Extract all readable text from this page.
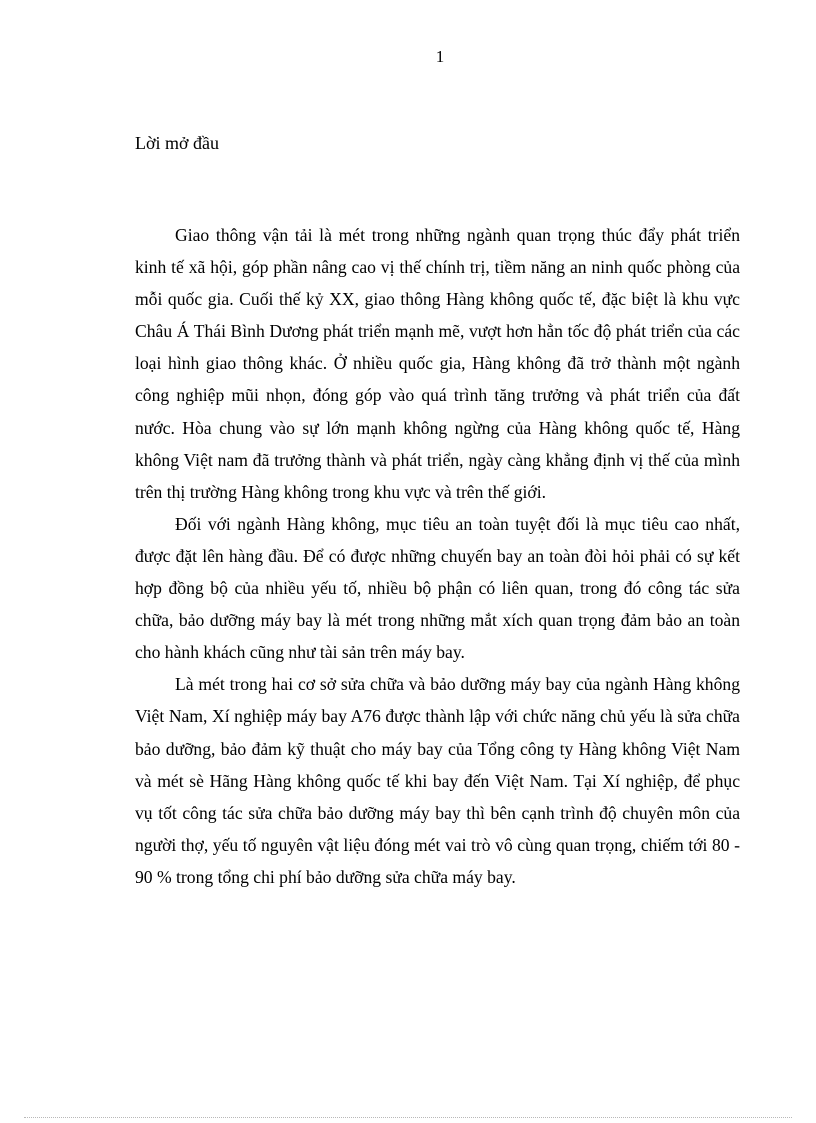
1
Lời mở đầu

Giao thông vận tải là mét trong những ngành quan trọng thúc đẩy phát triển kinh tế xã hội, góp phần nâng cao vị thế chính trị, tiềm năng an ninh quốc phòng của mỗi quốc gia. Cuối thế kỷ XX, giao thông Hàng không quốc tế, đặc biệt là khu vực Châu Á Thái Bình Dương phát triển mạnh mẽ, vượt hơn hẳn tốc độ phát triển của các loại hình giao thông khác. Ở nhiều quốc gia, Hàng không đã trở thành một ngành công nghiệp mũi nhọn, đóng góp vào quá trình tăng trưởng và phát triển của đất nước. Hòa chung vào sự lớn mạnh không ngừng của Hàng không quốc tế, Hàng không Việt nam đã trưởng thành và phát triển, ngày càng khẳng định vị thế của mình trên thị trường Hàng không trong khu vực và trên thế giới.

Đối với ngành Hàng không, mục tiêu an toàn tuyệt đối là mục tiêu cao nhất, được đặt lên hàng đầu. Để có được những chuyến bay an toàn đòi hỏi phải có sự kết hợp đồng bộ của nhiều yếu tố, nhiều bộ phận có liên quan, trong đó công tác sửa chữa, bảo dưỡng máy bay là mét trong những mắt xích quan trọng đảm bảo an toàn cho hành khách cũng như tài sản trên máy bay.

Là mét trong hai cơ sở sửa chữa và bảo dưỡng máy bay của ngành Hàng không Việt Nam, Xí nghiệp máy bay A76 được thành lập với chức năng chủ yếu là sửa chữa bảo dưỡng, bảo đảm kỹ thuật cho máy bay của Tổng công ty Hàng không Việt Nam và mét sè Hãng Hàng không quốc tế khi bay đến Việt Nam. Tại Xí nghiệp, để phục vụ tốt công tác sửa chữa bảo dưỡng máy bay thì bên cạnh trình độ chuyên môn của người thợ, yếu tố nguyên vật liệu đóng mét vai trò vô cùng quan trọng, chiếm tới 80 - 90 % trong tổng chi phí bảo dưỡng sửa chữa máy bay.
